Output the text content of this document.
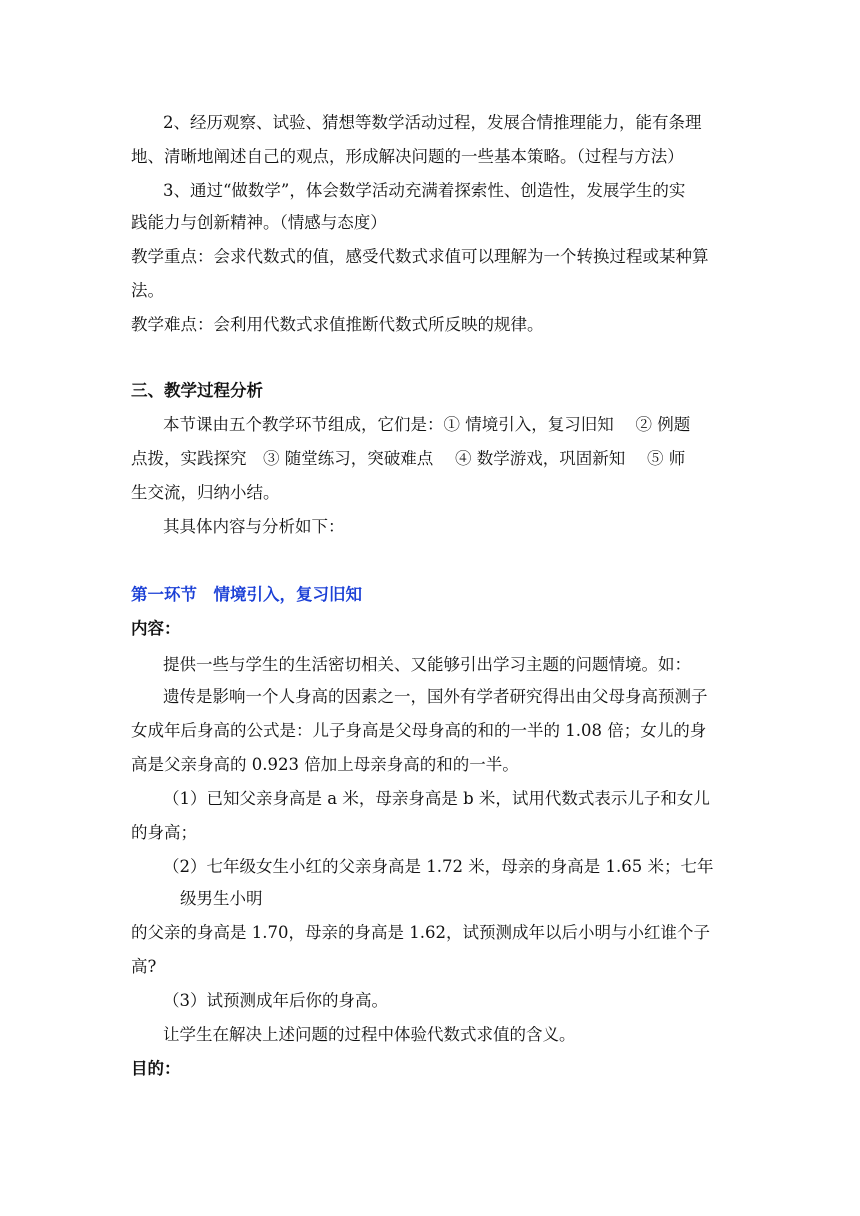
2、经历观察、试验、猜想等数学活动过程，发展合情推理能力，能有条理
地、清晰地阐述自己的观点，形成解决问题的一些基本策略。（过程与方法）
3、通过“做数学”，体会数学活动充满着探索性、创造性，发展学生的实
践能力与创新精神。（情感与态度）
教学重点：会求代数式的值，感受代数式求值可以理解为一个转换过程或某种算
法。
教学难点：会利用代数式求值推断代数式所反映的规律。
三、教学过程分析
本节课由五个教学环节组成，它们是：① 情境引入，复习旧知　 ② 例题
点拨，实践探究　③ 随堂练习，突破难点　 ④ 数学游戏，巩固新知　 ⑤ 师
生交流，归纳小结。
其具体内容与分析如下：
第一环节　情境引入，复习旧知
内容：
提供一些与学生的生活密切相关、又能够引出学习主题的问题情境。如：
遗传是影响一个人身高的因素之一，国外有学者研究得出由父母身高预测子
女成年后身高的公式是：儿子身高是父母身高的和的一半的 1.08 倍；女儿的身
高是父亲身高的 0.923 倍加上母亲身高的和的一半。
（1）已知父亲身高是 a 米，母亲身高是 b 米，试用代数式表示儿子和女儿
的身高；
（2）七年级女生小红的父亲身高是 1.72 米，母亲的身高是 1.65 米；七年
级男生小明
的父亲的身高是 1.70，母亲的身高是 1.62，试预测成年以后小明与小红谁个子
高?
（3）试预测成年后你的身高。
让学生在解决上述问题的过程中体验代数式求值的含义。
目的：
